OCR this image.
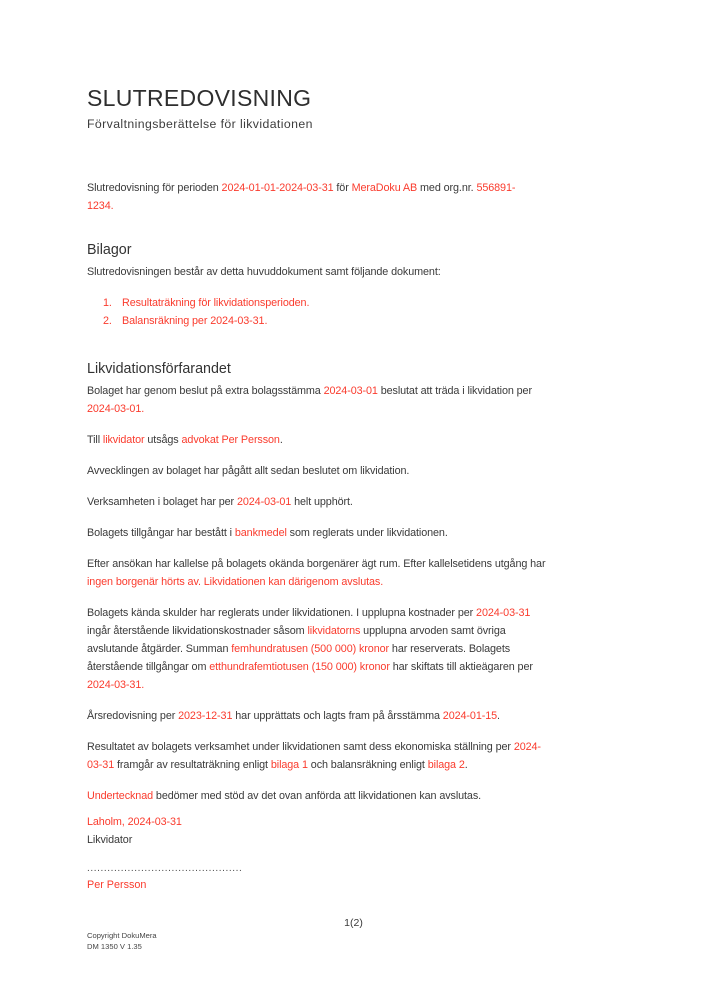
SLUTREDOVISNING
Förvaltningsberättelse för likvidationen

Slutredovisning för perioden 2024-01-01-2024-03-31 för MeraDoku AB med org.nr. 556891-
1234.

Bilagor

Slutredovisningen består av detta huvuddokument samt följande dokument:

1. Resultaträkning för likvidationsperioden.
2. Balansräkning per 2024-03-31.
Likvidationsförfarandet

Bolaget har genom beslut på extra bolagsstämma 2024-03-01 beslutat att träda i likvidation per
2024-03-01.

Till likvidator utsågs advokat Per Persson.

Avvecklingen av bolaget har pågått allt sedan beslutet om likvidation.

Verksamheten i bolaget har per 2024-03-01 helt upphört.

Bolagets tillgångar har bestått i bankmedel som reglerats under likvidationen.

Efter ansökan har kallelse på bolagets okända borgenärer ägt rum. Efter kallelsetidens utgång har
ingen borgenär hörts av. Likvidationen kan därigenom avslutas.

Bolagets kända skulder har reglerats under likvidationen. I upplupna kostnader per 2024-03-31
ingår återstående likvidationskostnader såsom likvidatorns upplupna arvoden samt övriga
avslutande åtgärder. Summan femhundratusen (500 000) kronor har reserverats. Bolagets
återstående tillgångar om etthundrafemtiotusen (150 000) kronor har skiftats till aktieägaren per
2024-03-31.

Årsredovisning per 2023-12-31 har upprättats och lagts fram på årsstämma 2024-01-15.

Resultatet av bolagets verksamhet under likvidationen samt dess ekonomiska ställning per 2024-
03-31 framgår av resultaträkning enligt bilaga 1 och balansräkning enligt bilaga 2.

Undertecknad bedömer med stöd av det ovan anförda att likvidationen kan avslutas.

Laholm, 2024-03-31
Likvidator
..............................................
Per Persson
1(2)
Copyright DokuMera
DM 1350 V 1.35
